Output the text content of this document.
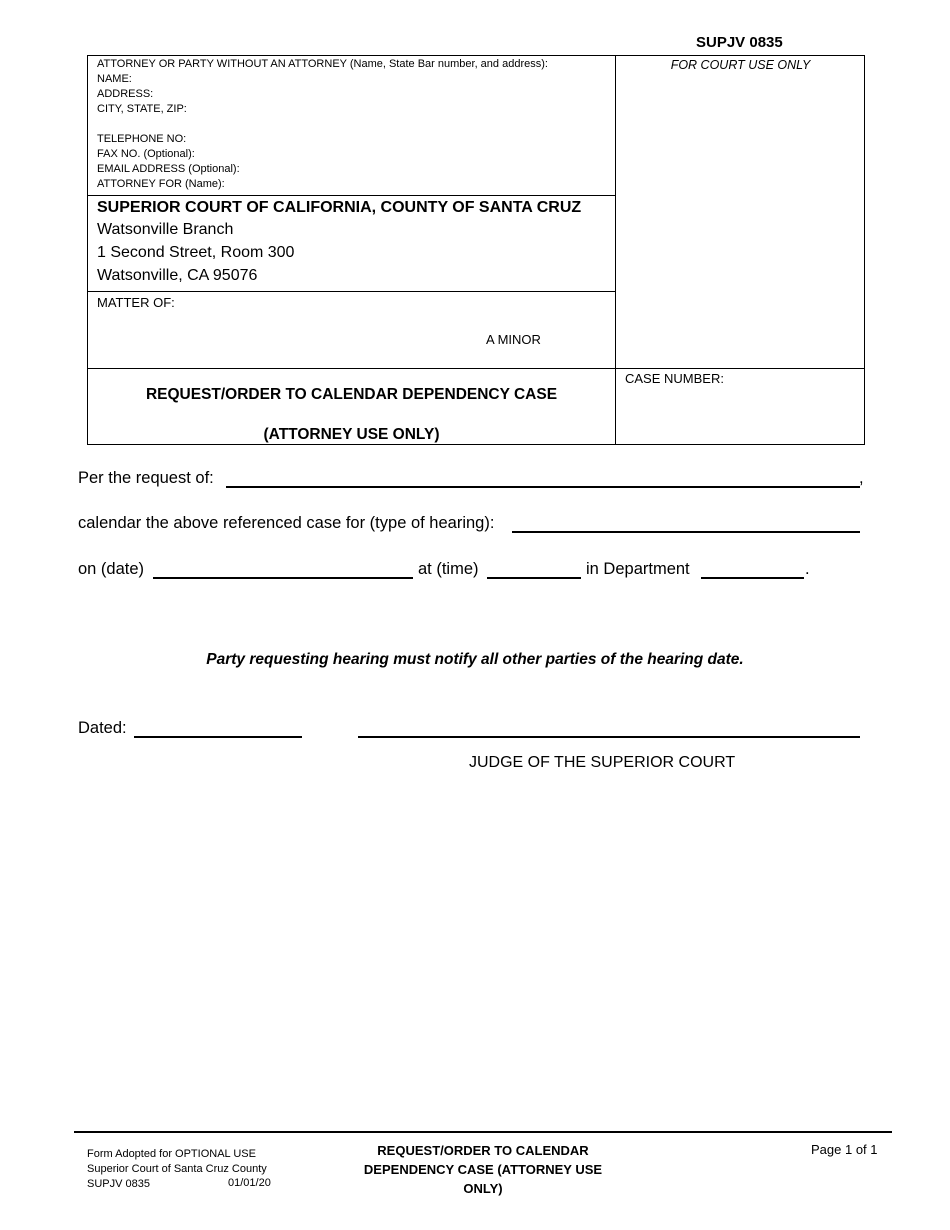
SUPJV 0835
ATTORNEY OR PARTY WITHOUT AN ATTORNEY (Name, State Bar number, and address):
NAME:
ADDRESS:
CITY, STATE, ZIP:
TELEPHONE NO:
FAX NO. (Optional):
EMAIL ADDRESS (Optional):
ATTORNEY FOR (Name):
FOR COURT USE ONLY
SUPERIOR COURT OF CALIFORNIA, COUNTY OF SANTA CRUZ
Watsonville Branch
1 Second Street, Room 300
Watsonville, CA 95076
MATTER OF:
A MINOR
CASE NUMBER:
REQUEST/ORDER TO CALENDAR DEPENDENCY CASE
(ATTORNEY USE ONLY)
Per the request of:	,
calendar the above referenced case for (type of hearing):
on (date)	at (time)	in Department	.
Party requesting hearing must notify all other parties of the hearing date.
Dated:
JUDGE OF THE SUPERIOR COURT
Form Adopted for OPTIONAL USE
Superior Court of Santa Cruz County
SUPJV 0835	01/01/20
REQUEST/ORDER TO CALENDAR DEPENDENCY CASE (ATTORNEY USE ONLY)
Page 1 of 1
